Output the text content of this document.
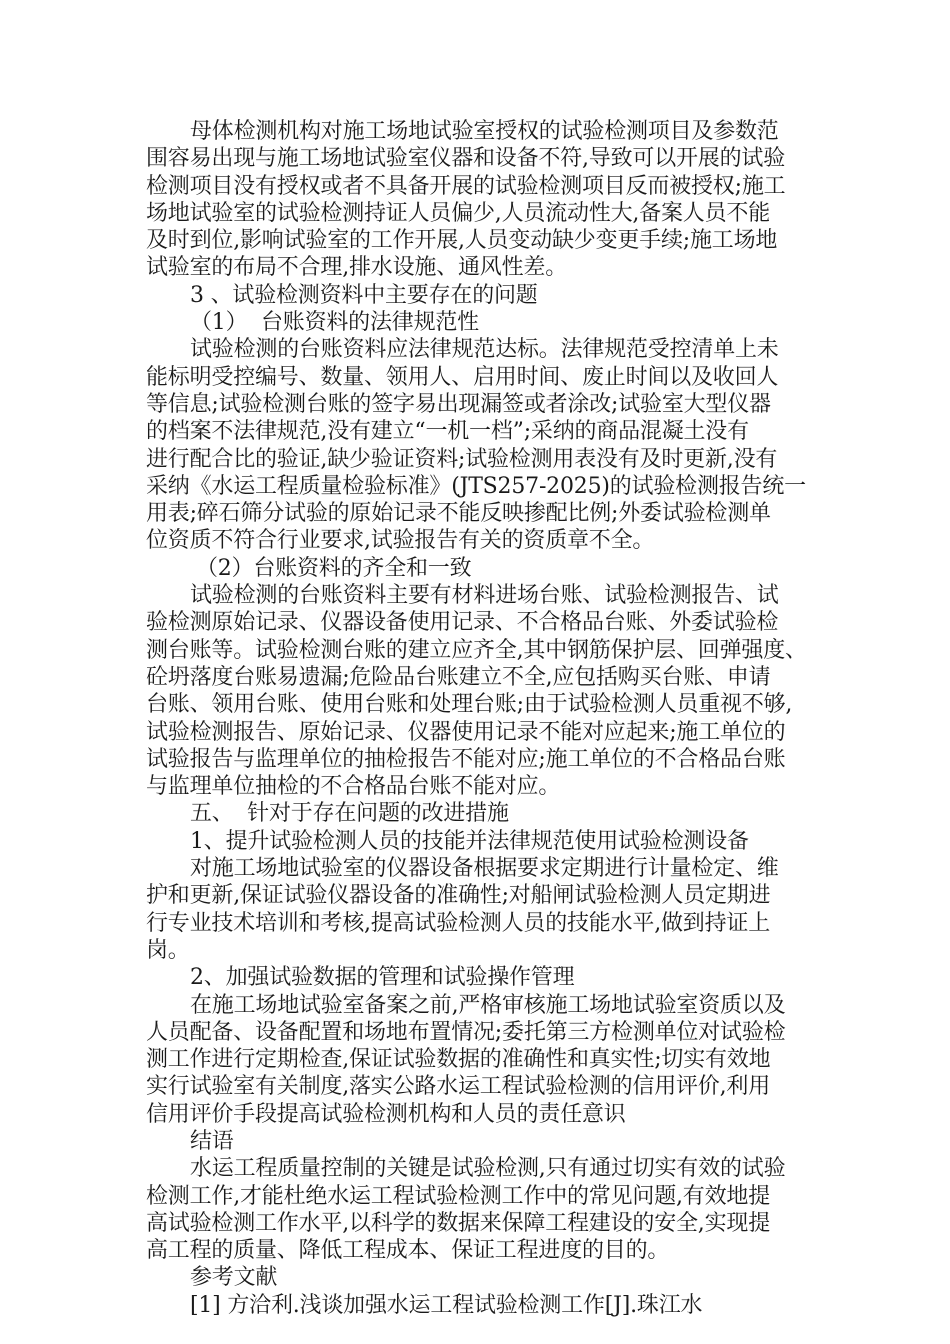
母体检测机构对施工场地试验室授权的试验检测项目及参数范
围容易出现与施工场地试验室仪器和设备不符,导致可以开展的试验
检测项目没有授权或者不具备开展的试验检测项目反而被授权;施工
场地试验室的试验检测持证人员偏少,人员流动性大,备案人员不能
及时到位,影响试验室的工作开展,人员变动缺少变更手续;施工场地
试验室的布局不合理,排水设施、通风性差。
3 、试验检测资料中主要存在的问题
（1）  台账资料的法律规范性
试验检测的台账资料应法律规范达标。法律规范受控清单上未
能标明受控编号、数量、领用人、启用时间、废止时间以及收回人
等信息;试验检测台账的签字易出现漏签或者涂改;试验室大型仪器
的档案不法律规范,没有建立“一机一档”;采纳的商品混凝土没有
进行配合比的验证,缺少验证资料;试验检测用表没有及时更新,没有
采纳《水运工程质量检验标准》(JTS257-2025)的试验检测报告统一
用表;碎石筛分试验的原始记录不能反映掺配比例;外委试验检测单
位资质不符合行业要求,试验报告有关的资质章不全。
（2）台账资料的齐全和一致
试验检测的台账资料主要有材料进场台账、试验检测报告、试
验检测原始记录、仪器设备使用记录、不合格品台账、外委试验检
测台账等。试验检测台账的建立应齐全,其中钢筋保护层、回弹强度、
砼坍落度台账易遗漏;危险品台账建立不全,应包括购买台账、申请
台账、领用台账、使用台账和处理台账;由于试验检测人员重视不够,
试验检测报告、原始记录、仪器使用记录不能对应起来;施工单位的
试验报告与监理单位的抽检报告不能对应;施工单位的不合格品台账
与监理单位抽检的不合格品台账不能对应。
五、  针对于存在问题的改进措施
1、提升试验检测人员的技能并法律规范使用试验检测设备
对施工场地试验室的仪器设备根据要求定期进行计量检定、维
护和更新,保证试验仪器设备的准确性;对船闸试验检测人员定期进
行专业技术培训和考核,提高试验检测人员的技能水平,做到持证上
岗。
2、加强试验数据的管理和试验操作管理
在施工场地试验室备案之前,严格审核施工场地试验室资质以及
人员配备、设备配置和场地布置情况;委托第三方检测单位对试验检
测工作进行定期检查,保证试验数据的准确性和真实性;切实有效地
实行试验室有关制度,落实公路水运工程试验检测的信用评价,利用
信用评价手段提高试验检测机构和人员的责任意识
结语
水运工程质量控制的关键是试验检测,只有通过切实有效的试验
检测工作,才能杜绝水运工程试验检测工作中的常见问题,有效地提
高试验检测工作水平,以科学的数据来保障工程建设的安全,实现提
高工程的质量、降低工程成本、保证工程进度的目的。
参考文献
[1] 方洽利.浅谈加强水运工程试验检测工作[J].珠江水
